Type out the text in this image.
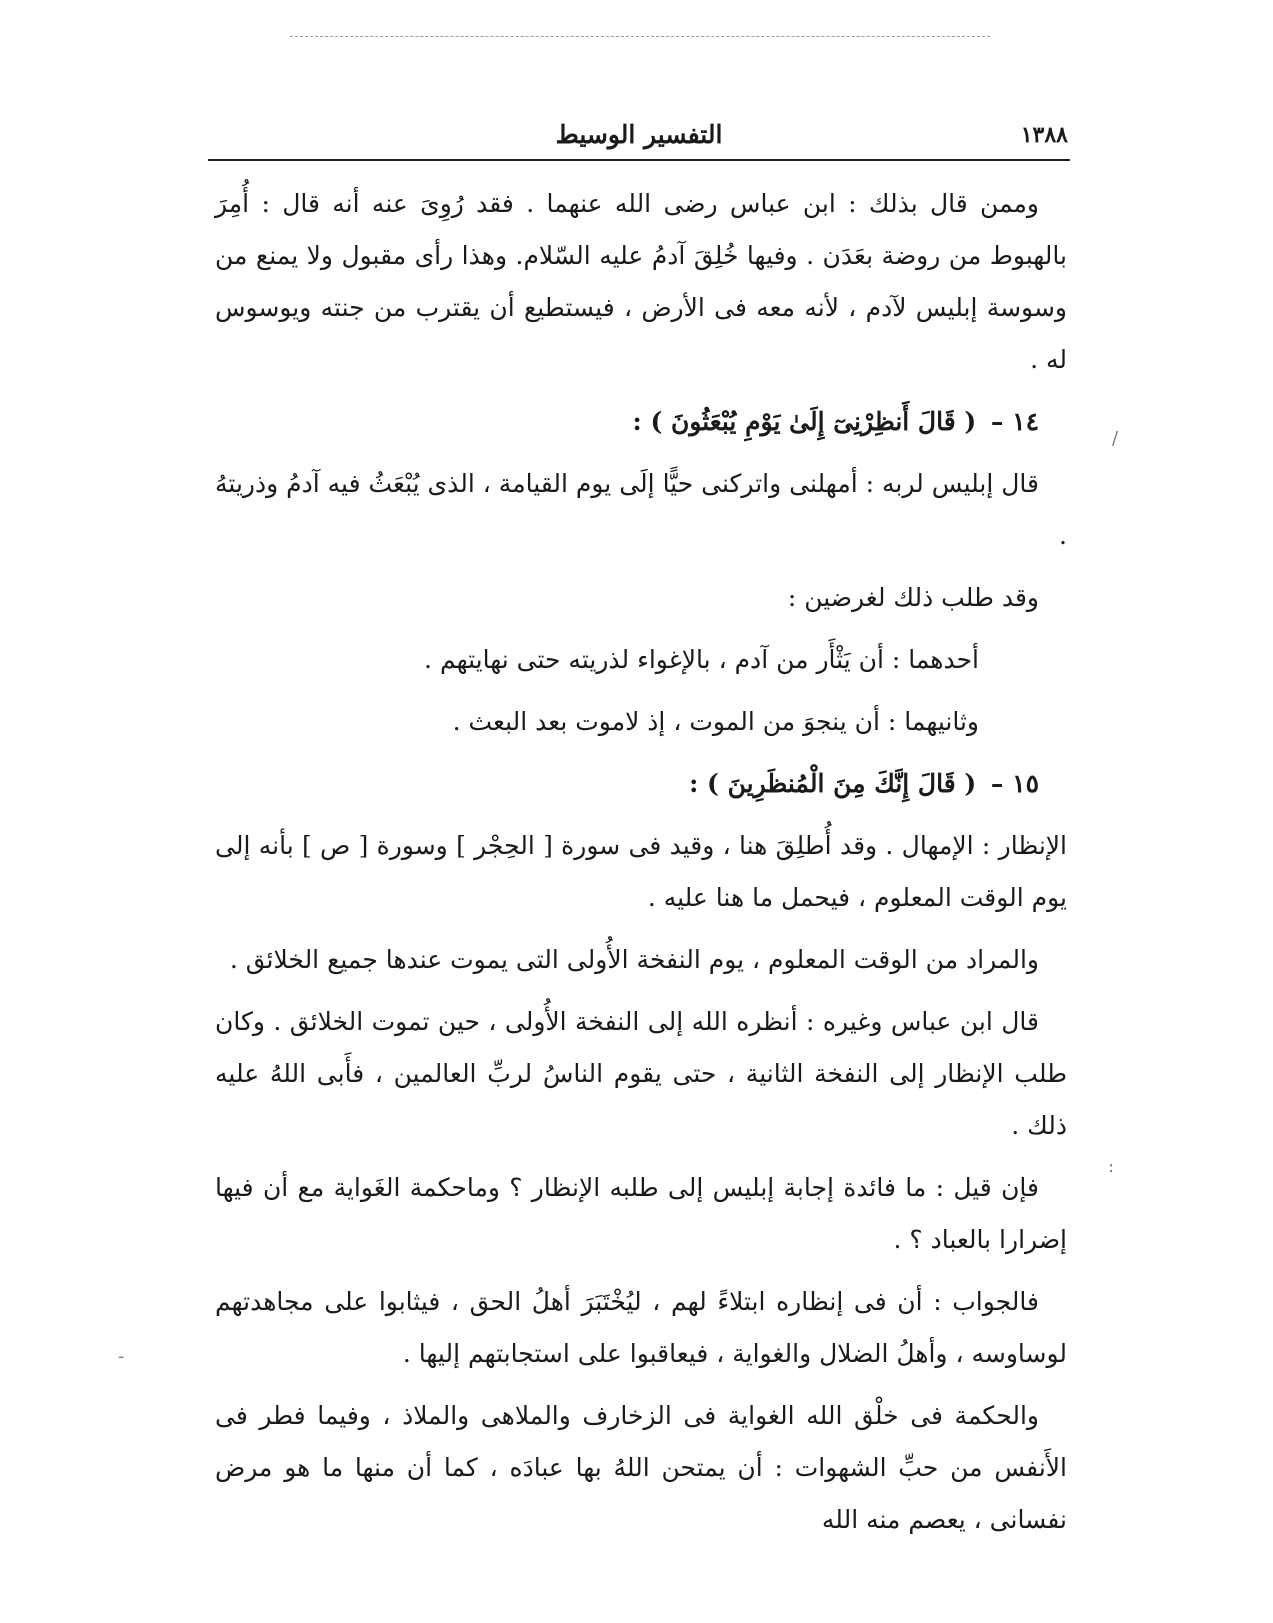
التفسير الوسيط	١٣٨٨

وممن قال بذلك : ابن عباس رضى الله عنهما . فقد رُوِىَ عنه أنه قال : أُمِرَ بالهبوط من روضة بعَدَن . وفيها خُلِقَ آدمُ عليه السّلام. وهذا رأى مقبول ولا يمنع من وسوسة إبليس لآدم ، لأنه معه فى الأرض ، فيستطيع أن يقترب من جنته ويوسوس له .

١٤ – ( قَالَ أَنظِرْنِىٓ إِلَىٰ يَوْمِ يُبْعَثُونَ ) :

قال إبليس لربه : أمهلنى واتركنى حيًّا إلَى يوم القيامة ، الذى يُبْعَثُ فيه آدمُ وذريتهُ .

وقد طلب ذلك لغرضين :

أحدهما : أن يَثْأَر من آدم ، بالإغواء لذريته حتى نهايتهم .

وثانيهما : أن ينجوَ من الموت ، إذ لاموت بعد البعث .

١٥ – ( قَالَ إِنَّكَ مِنَ الْمُنظَرِينَ ) :

الإنظار : الإمهال . وقد أُطلِقَ هنا ، وقيد فى سورة [ الحِجْر ] وسورة [ ص ] بأنه إلى يوم الوقت المعلوم ، فيحمل ما هنا عليه .

والمراد من الوقت المعلوم ، يوم النفخة الأُولى التى يموت عندها جميع الخلائق .

قال ابن عباس وغيره : أنظره الله إلى النفخة الأُولى ، حين تموت الخلائق . وكان طلب الإنظار إلى النفخة الثانية ، حتى يقوم الناسُ لربِّ العالمين ، فأَبى اللهُ عليه ذلك .

فإن قيل : ما فائدة إجابة إبليس إلى طلبه الإنظار ؟ وماحكمة الغَواية مع أن فيها إضرارا بالعباد ؟ .

فالجواب : أن فى إنظاره ابتلاءً لهم ، ليُخْتَبَرَ أهلُ الحق ، فيثابوا على مجاهدتهم لوساوسه ، وأهلُ الضلال والغواية ، فيعاقبوا على استجابتهم إليها .

والحكمة فى خلْق الله الغواية فى الزخارف والملاهى والملاذ ، وفيما فطر فى الأَنفس من حبِّ الشهوات : أن يمتحن اللهُ بها عبادَه ، كما أن منها ما هو مرض نفسانى ، يعصم منه الله

/
:
-
